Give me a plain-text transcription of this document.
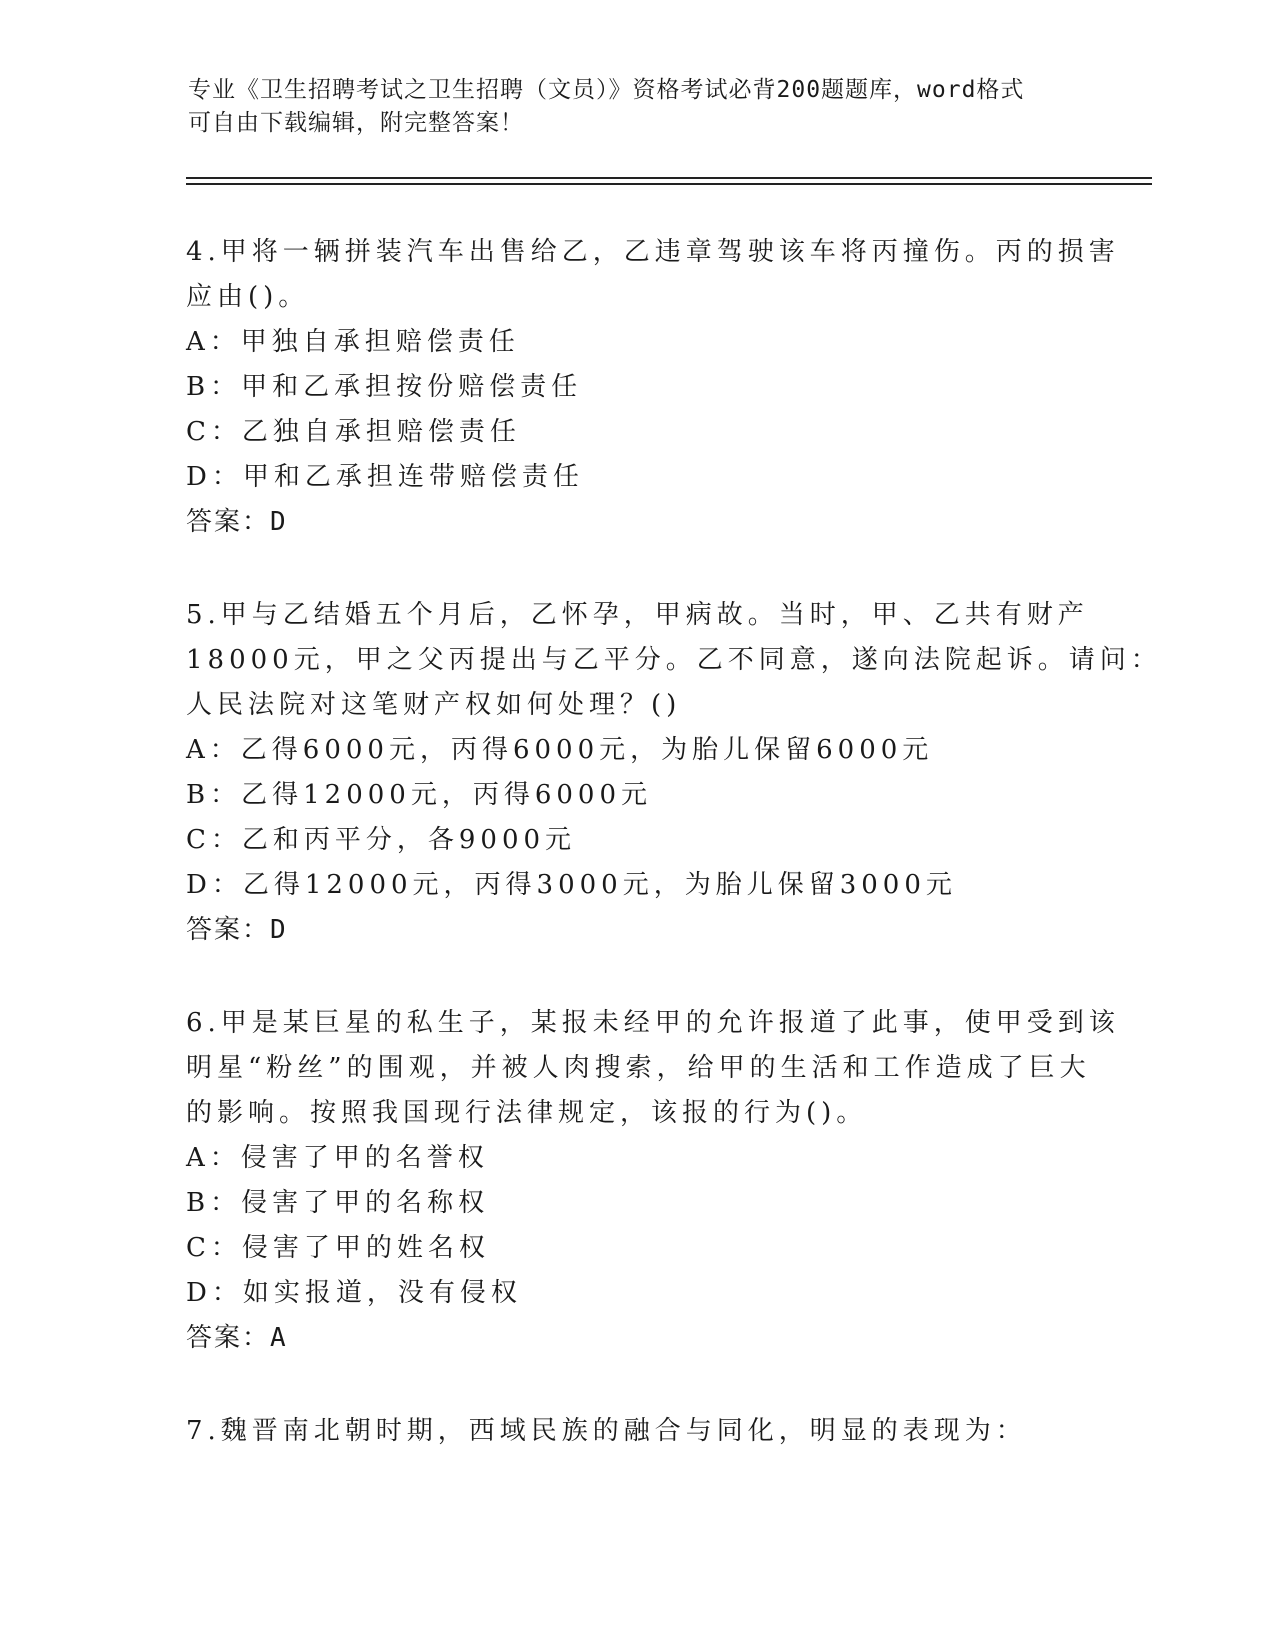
专业《卫生招聘考试之卫生招聘（文员）》资格考试必背200题题库，word格式
可自由下载编辑，附完整答案！
4.甲将一辆拼装汽车出售给乙，乙违章驾驶该车将丙撞伤。丙的损害
应由()。
A：甲独自承担赔偿责任
B：甲和乙承担按份赔偿责任
C：乙独自承担赔偿责任
D：甲和乙承担连带赔偿责任
答案：D
5.甲与乙结婚五个月后，乙怀孕，甲病故。当时，甲、乙共有财产
18000元，甲之父丙提出与乙平分。乙不同意，遂向法院起诉。请问：
人民法院对这笔财产权如何处理？()
A：乙得6000元，丙得6000元，为胎儿保留6000元
B：乙得12000元，丙得6000元
C：乙和丙平分，各9000元
D：乙得12000元，丙得3000元，为胎儿保留3000元
答案：D
6.甲是某巨星的私生子，某报未经甲的允许报道了此事，使甲受到该
明星“粉丝”的围观，并被人肉搜索，给甲的生活和工作造成了巨大
的影响。按照我国现行法律规定，该报的行为()。
A：侵害了甲的名誉权
B：侵害了甲的名称权
C：侵害了甲的姓名权
D：如实报道，没有侵权
答案：A
7.魏晋南北朝时期，西域民族的融合与同化，明显的表现为：
